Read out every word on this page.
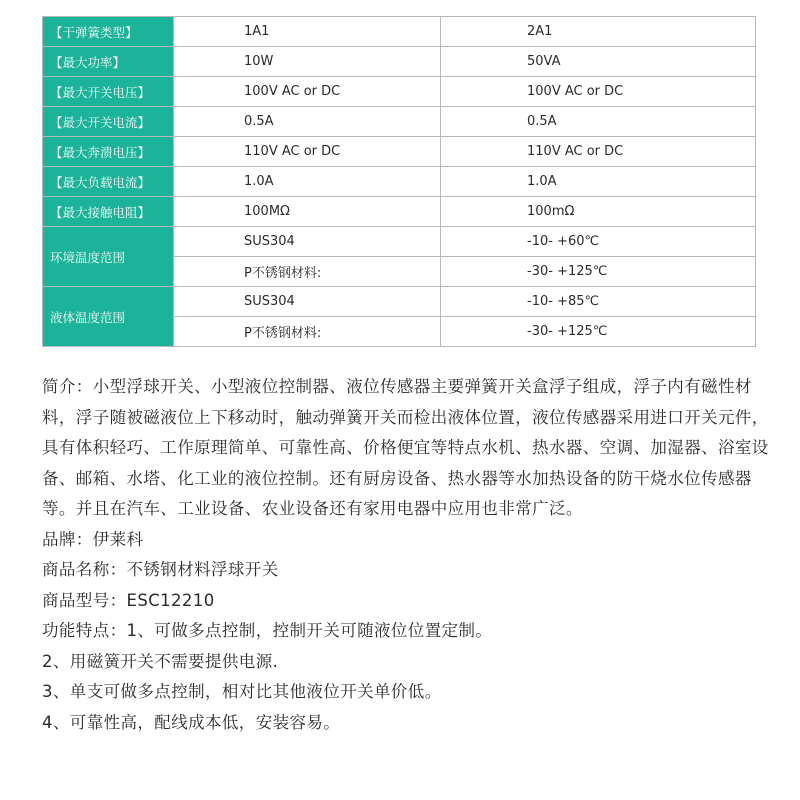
【干弹簧类型】	1A1	2A1
【最大功率】	10W	50VA
【最大开关电压】	100V AC or DC	100V AC or DC
【最大开关电流】	0.5A	0.5A
【最大奔溃电压】	110V AC or DC	110V AC or DC
【最大负载电流】	1.0A	1.0A
【最大接触电阻】	100MΩ	100mΩ
环境温度范围	SUS304	-10- +60℃
	P不锈钢材料:	-30- +125℃
液体温度范围	SUS304	-10- +85℃
	P不锈钢材料:	-30- +125℃

简介：小型浮球开关、小型液位控制器、液位传感器主要弹簧开关盒浮子组成，浮子内有磁性材料，浮子随被磁液位上下移动时，触动弹簧开关而检出液体位置，液位传感器采用进口开关元件，具有体积轻巧、工作原理简单、可靠性高、价格便宜等特点水机、热水器、空调、加湿器、浴室设备、邮箱、水塔、化工业的液位控制。还有厨房设备、热水器等水加热设备的防干烧水位传感器等。并且在汽车、工业设备、农业设备还有家用电器中应用也非常广泛。

品牌：伊莱科

商品名称：不锈钢材料浮球开关

商品型号：ESC12210

功能特点：1、可做多点控制，控制开关可随液位位置定制。

2、用磁簧开关不需要提供电源.

3、单支可做多点控制，相对比其他液位开关单价低。

4、可靠性高，配线成本低，安装容易。
